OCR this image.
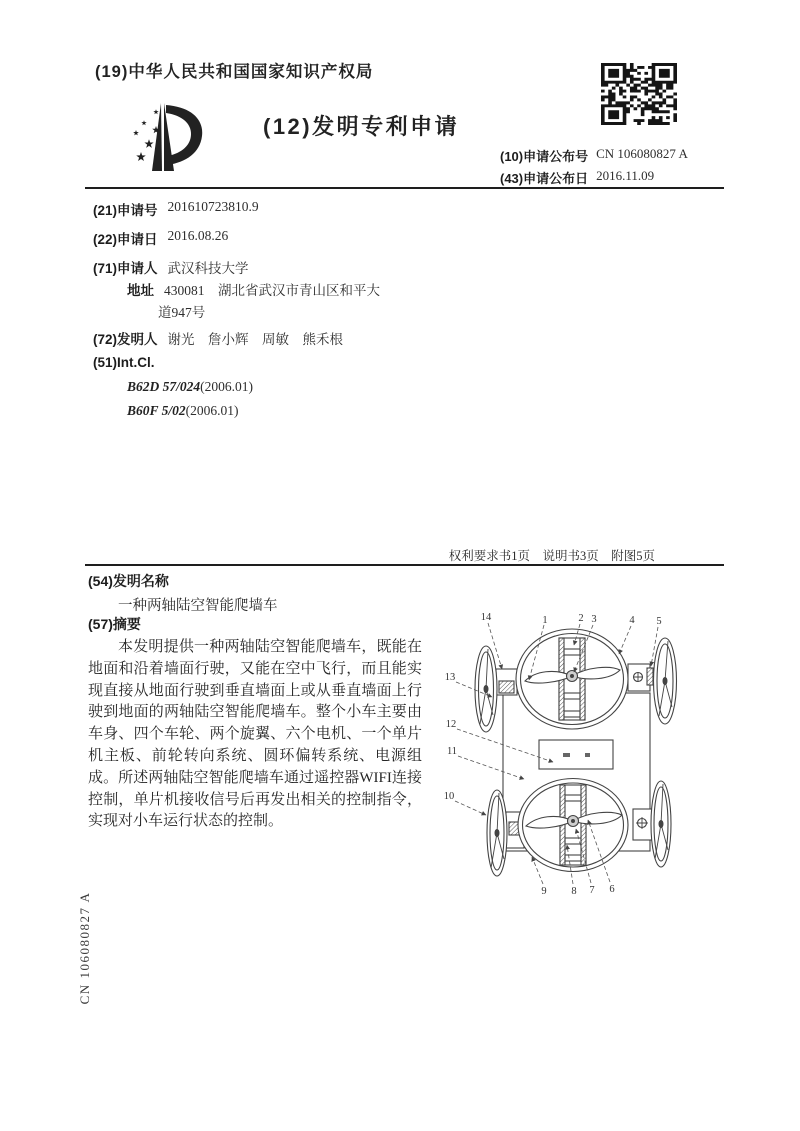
(19)中华人民共和国国家知识产权局
(12)发明专利申请
(10)申请公布号 CN 106080827 A
(43)申请公布日 2016.11.09
(21)申请号 201610723810.9
(22)申请日 2016.08.26
(71)申请人 武汉科技大学
地址 430081　湖北省武汉市青山区和平大
道947号
(72)发明人 谢光　詹小辉　周敏　熊禾根
(51)Int.Cl.
B62D 57/024(2006.01)
B60F 5/02(2006.01)
权利要求书1页　说明书3页　附图5页
(54)发明名称
一种两轴陆空智能爬墙车
(57)摘要
本发明提供一种两轴陆空智能爬墙车，既能在地面和沿着墙面行驶，又能在空中飞行，而且能实现直接从地面行驶到垂直墙面上或从垂直墙面上行驶到地面的两轴陆空智能爬墙车。整个小车主要由车身、四个车轮、两个旋翼、六个电机、一个单片机主板、前轮转向系统、圆环偏转系统、电源组成。所述两轴陆空智能爬墙车通过遥控器WIFI连接控制，单片机接收信号后再发出相关的控制指令，实现对小车运行状态的控制。
14	1	2 3	4 5
13
12
11
10
9 8 7 6
CN 106080827 A
